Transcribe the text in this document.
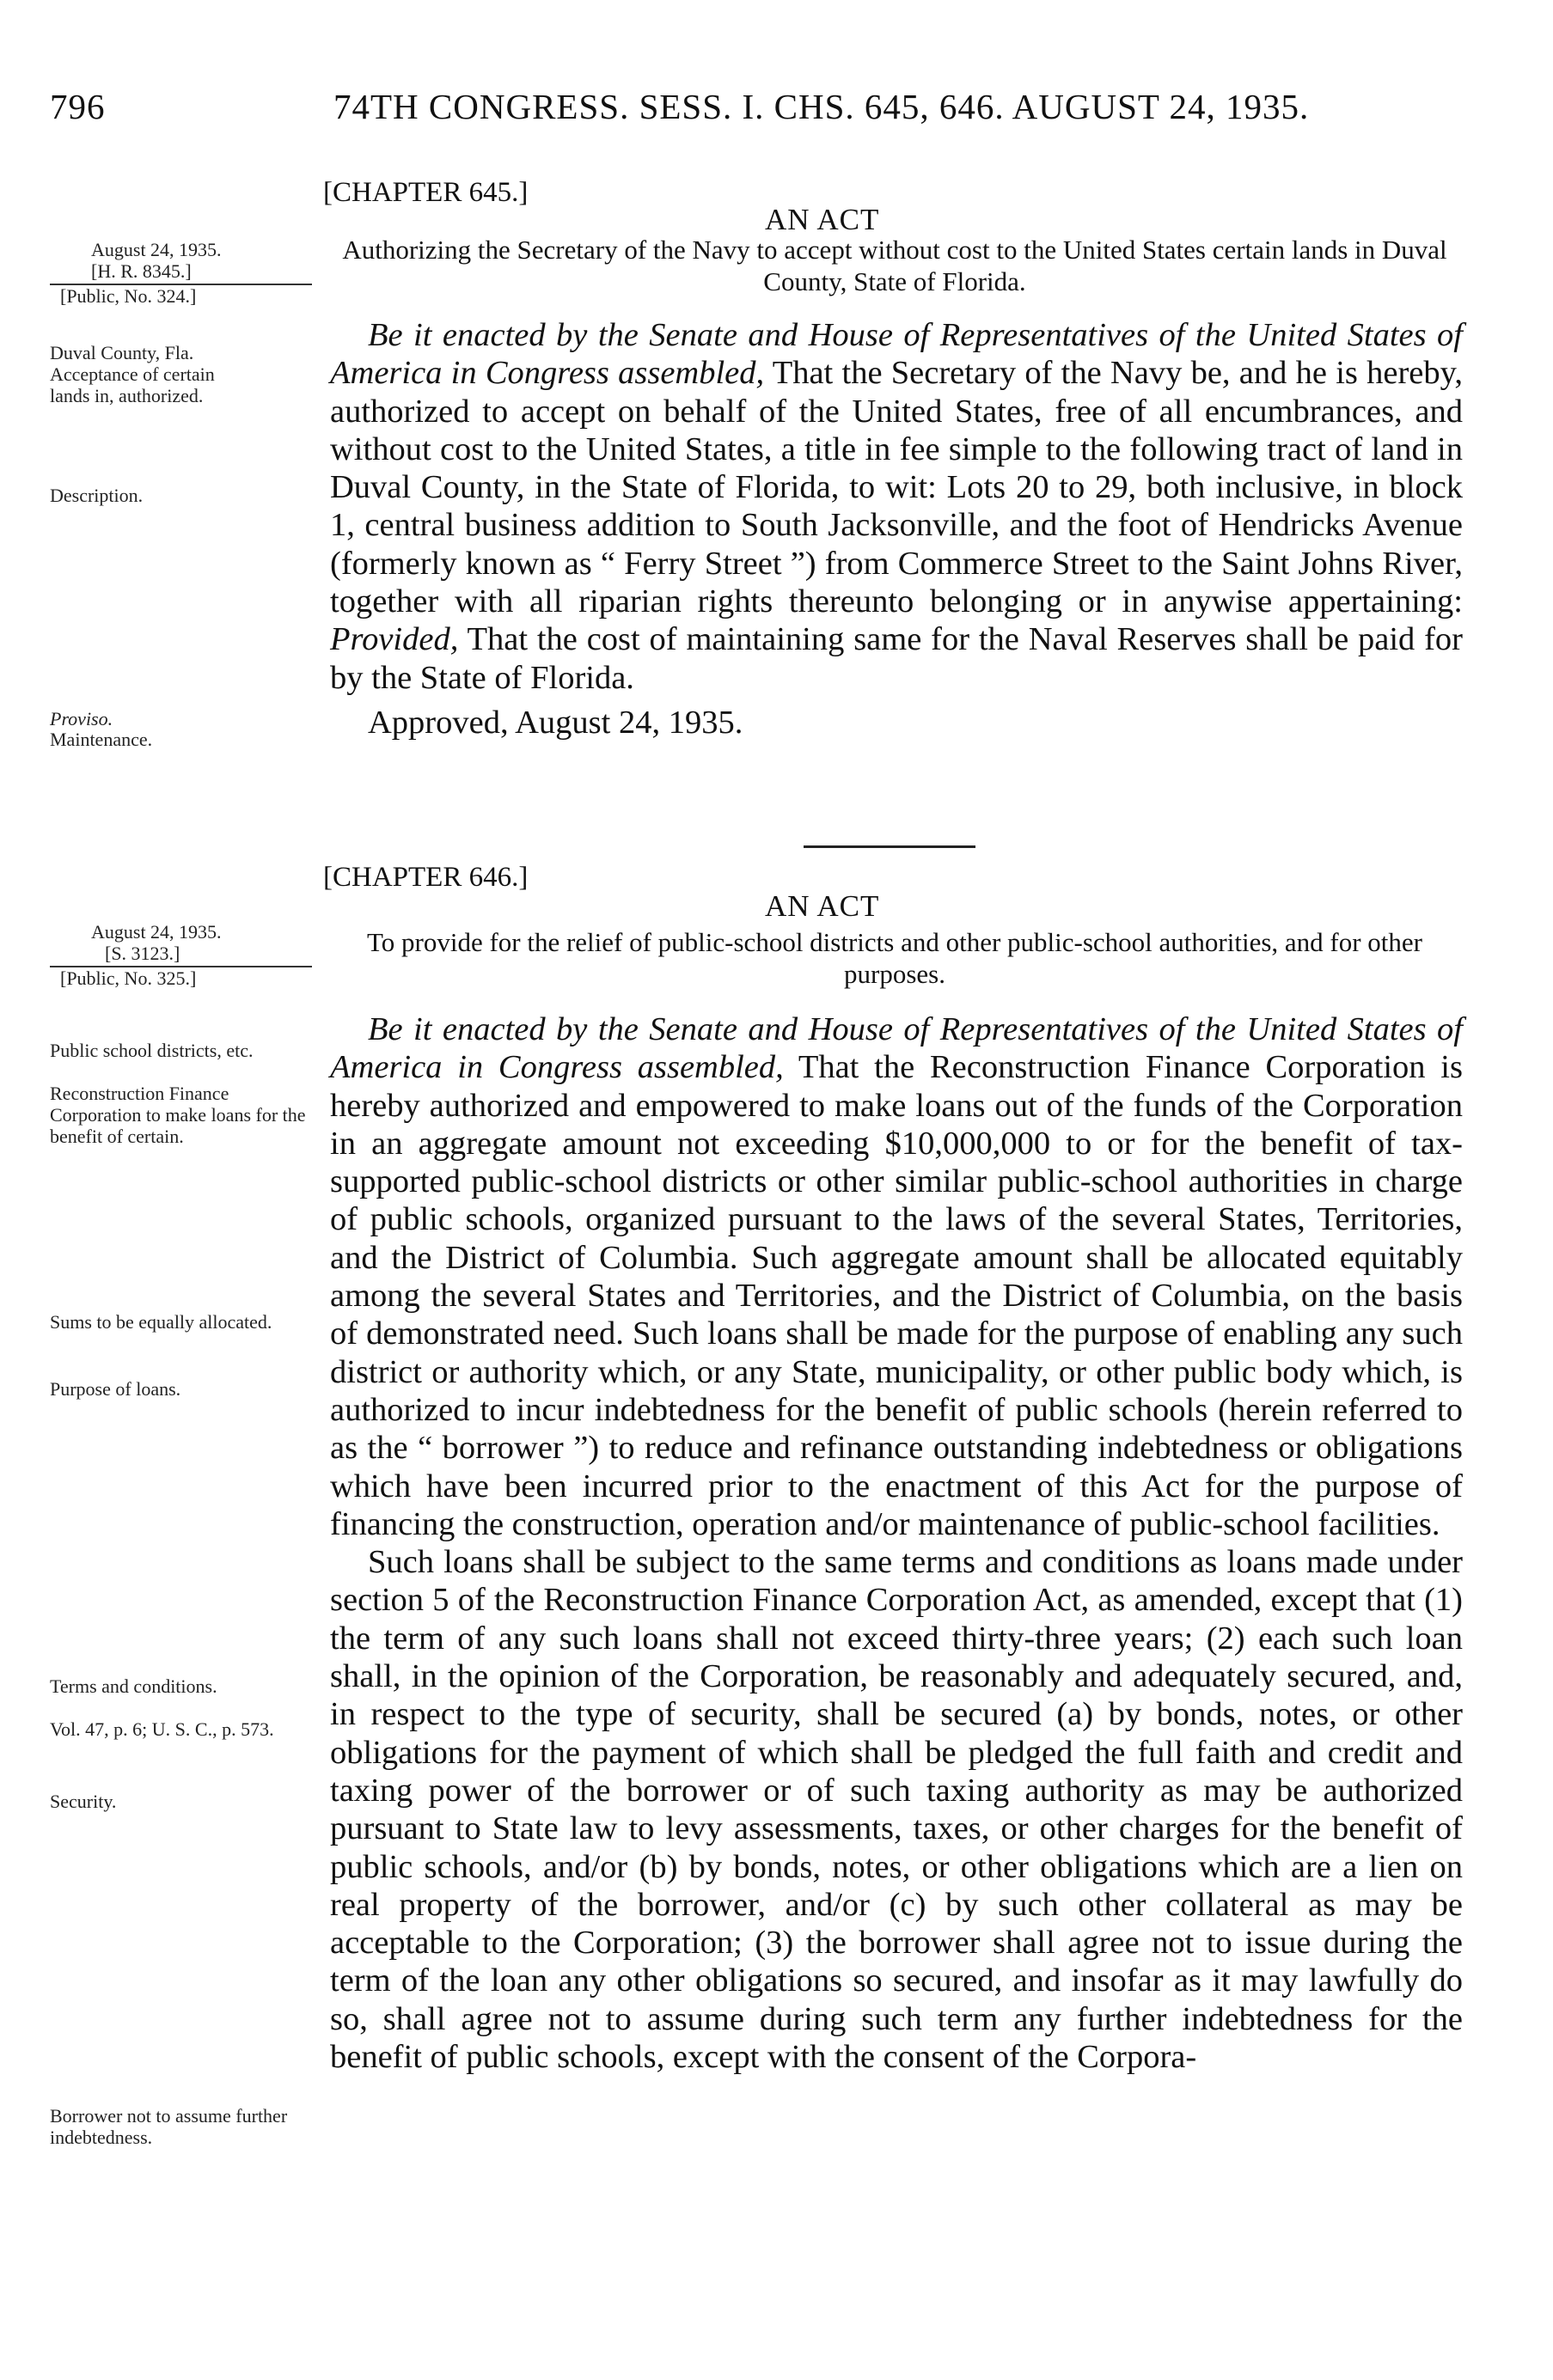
796	74TH CONGRESS. SESS. I. CHS. 645, 646. AUGUST 24, 1935.
[CHAPTER 645.]
AN ACT
Authorizing the Secretary of the Navy to accept without cost to the United States certain lands in Duval County, State of Florida.
August 24, 1935.
[H. R. 8345.]
[Public, No. 324.]
Duval County, Fla.
Acceptance of certain lands in, authorized.
Description.
Proviso.
Maintenance.

Be it enacted by the Senate and House of Representatives of the United States of America in Congress assembled, That the Secretary of the Navy be, and he is hereby, authorized to accept on behalf of the United States, free of all encumbrances, and without cost to the United States, a title in fee simple to the following tract of land in Duval County, in the State of Florida, to wit: Lots 20 to 29, both inclusive, in block 1, central business addition to South Jacksonville, and the foot of Hendricks Avenue (formerly known as “ Ferry Street ”) from Commerce Street to the Saint Johns River, together with all riparian rights thereunto belonging or in anywise appertaining: Provided, That the cost of maintaining same for the Naval Reserves shall be paid for by the State of Florida.

Approved, August 24, 1935.

[CHAPTER 646.]
AN ACT
To provide for the relief of public-school districts and other public-school authorities, and for other purposes.
August 24, 1935.
[S. 3123.]
[Public, No. 325.]
Public school districts, etc.
Reconstruction Finance Corporation to make loans for the benefit of certain.
Sums to be equally allocated.
Purpose of loans.
Terms and conditions.
Vol. 47, p. 6; U. S. C., p. 573.
Security.
Borrower not to assume further indebtedness.

Be it enacted by the Senate and House of Representatives of the United States of America in Congress assembled, That the Reconstruction Finance Corporation is hereby authorized and empowered to make loans out of the funds of the Corporation in an aggregate amount not exceeding $10,000,000 to or for the benefit of tax-supported public-school districts or other similar public-school authorities in charge of public schools, organized pursuant to the laws of the several States, Territories, and the District of Columbia. Such aggregate amount shall be allocated equitably among the several States and Territories, and the District of Columbia, on the basis of demonstrated need. Such loans shall be made for the purpose of enabling any such district or authority which, or any State, municipality, or other public body which, is authorized to incur indebtedness for the benefit of public schools (herein referred to as the “ borrower ”) to reduce and refinance outstanding indebtedness or obligations which have been incurred prior to the enactment of this Act for the purpose of financing the construction, operation and/or maintenance of public-school facilities.

Such loans shall be subject to the same terms and conditions as loans made under section 5 of the Reconstruction Finance Corporation Act, as amended, except that (1) the term of any such loans shall not exceed thirty-three years; (2) each such loan shall, in the opinion of the Corporation, be reasonably and adequately secured, and, in respect to the type of security, shall be secured (a) by bonds, notes, or other obligations for the payment of which shall be pledged the full faith and credit and taxing power of the borrower or of such taxing authority as may be authorized pursuant to State law to levy assessments, taxes, or other charges for the benefit of public schools, and/or (b) by bonds, notes, or other obligations which are a lien on real property of the borrower, and/or (c) by such other collateral as may be acceptable to the Corporation; (3) the borrower shall agree not to issue during the term of the loan any other obligations so secured, and insofar as it may lawfully do so, shall agree not to assume during such term any further indebtedness for the benefit of public schools, except with the consent of the Corpora-
